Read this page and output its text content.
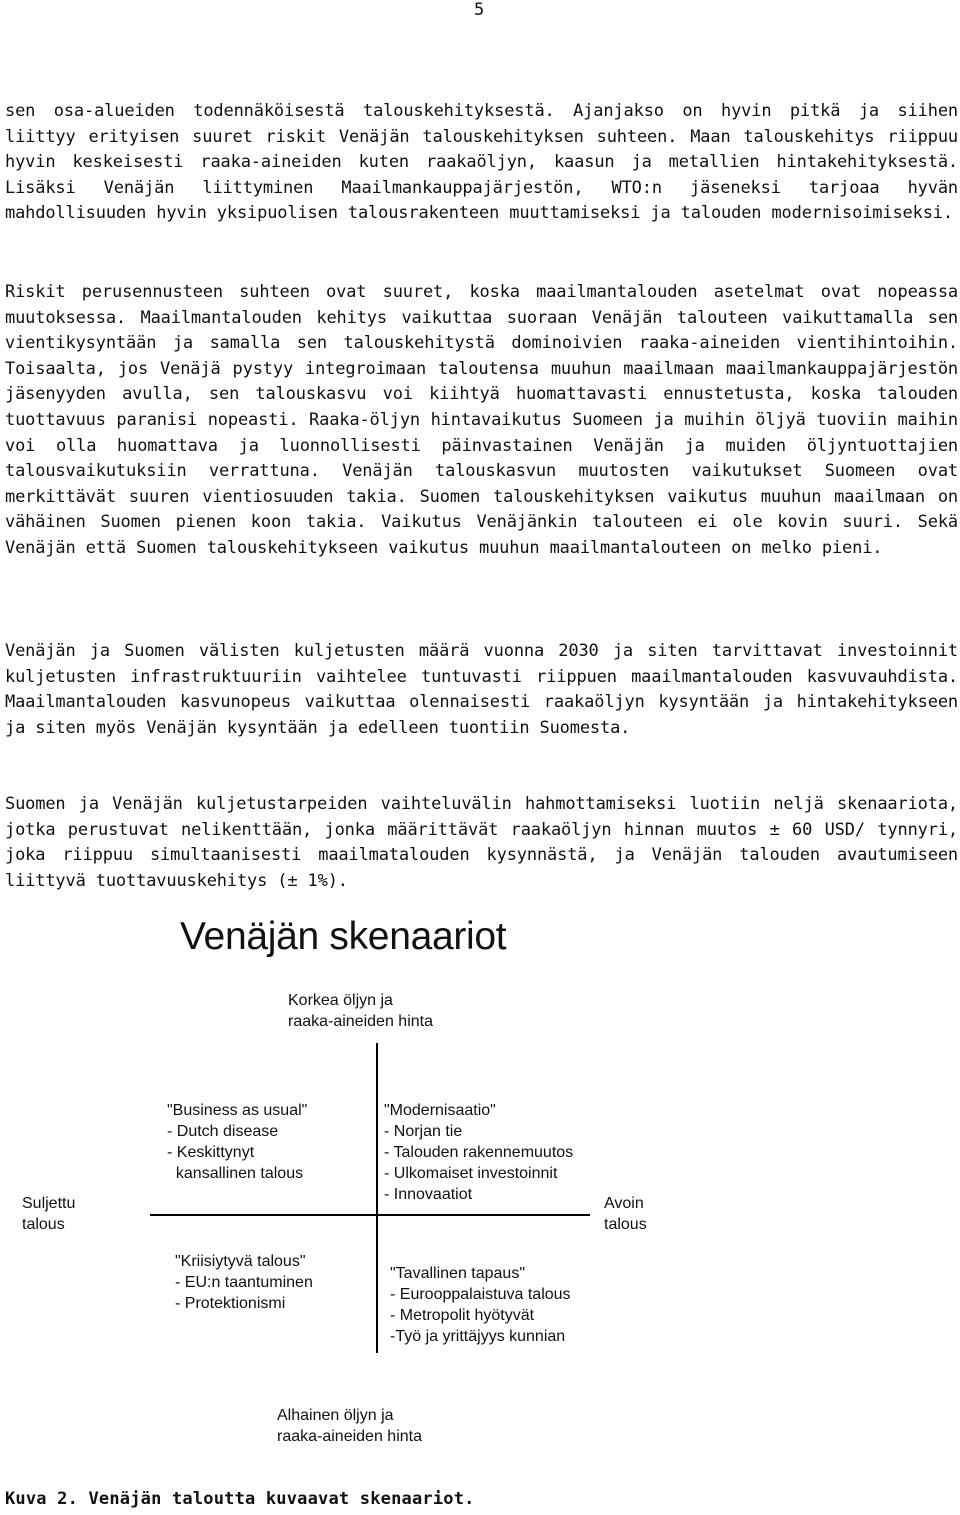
5

sen osa-alueiden todennäköisestä talouskehityksestä. Ajanjakso on hyvin pitkä ja siihen liittyy erityisen suuret riskit Venäjän talouskehityksen suhteen. Maan talouskehitys riippuu hyvin keskeisesti raaka-aineiden kuten raakaöljyn, kaasun ja metallien hintakehityksestä. Lisäksi Venäjän liittyminen Maailmankauppajärjestön, WTO:n jäseneksi tarjoaa hyvän mahdollisuuden hyvin yksipuolisen talousrakenteen muuttamiseksi ja talouden modernisoimiseksi.

Riskit perusennusteen suhteen ovat suuret, koska maailmantalouden asetelmat ovat nopeassa muutoksessa. Maailmantalouden kehitys vaikuttaa suoraan Venäjän talouteen vaikuttamalla sen vientikysyntään ja samalla sen talouskehitystä dominoivien raaka-aineiden vientihintoihin. Toisaalta, jos Venäjä pystyy integroimaan taloutensa muuhun maailmaan maailmankauppajärjestön jäsenyyden avulla, sen talouskasvu voi kiihtyä huomattavasti ennustetusta, koska talouden tuottavuus paranisi nopeasti. Raaka-öljyn hintavaikutus Suomeen ja muihin öljyä tuoviin maihin voi olla huomattava ja luonnollisesti päinvastainen Venäjän ja muiden öljyntuottajien talousvaikutuksiin verrattuna. Venäjän talouskasvun muutosten vaikutukset Suomeen ovat merkittävät suuren vientiosuuden takia. Suomen talouskehityksen vaikutus muuhun maailmaan on vähäinen Suomen pienen koon takia. Vaikutus Venäjänkin talouteen ei ole kovin suuri. Sekä Venäjän että Suomen talouskehitykseen vaikutus muuhun maailmantalouteen on melko pieni.

Venäjän ja Suomen välisten kuljetusten määrä vuonna 2030 ja siten tarvittavat investoinnit kuljetusten infrastruktuuriin vaihtelee tuntuvasti riippuen maailmantalouden kasvuvauhdista. Maailmantalouden kasvunopeus vaikuttaa olennaisesti raakaöljyn kysyntään ja hintakehitykseen ja siten myös Venäjän kysyntään ja edelleen tuontiin Suomesta.

Suomen ja Venäjän kuljetustarpeiden vaihteluvälin hahmottamiseksi luotiin neljä skenaariota, jotka perustuvat nelikenttään, jonka määrittävät raakaöljyn hinnan muutos ± 60 USD/ tynnyri, joka riippuu simultaanisesti maailmatalouden kysynnästä, ja Venäjän talouden avautumiseen liittyvä tuottavuuskehitys (± 1%).

Venäjän skenaariot
Korkea öljyn ja
raaka-aineiden hinta
Alhainen öljyn ja
raaka-aineiden hinta
Suljettu
talous
Avoin
talous
"Business as usual"
- Dutch disease
- Keskittynyt
kansallinen talous
"Modernisaatio"
- Norjan tie
- Talouden rakennemuutos
- Ulkomaiset investoinnit
- Innovaatiot
"Kriisiytyvä talous"
- EU:n taantuminen
- Protektionismi
"Tavallinen tapaus"
- Eurooppalaistuva talous
- Metropolit hyötyvät
-Työ ja yrittäjyys kunnian
Kuva 2. Venäjän taloutta kuvaavat skenaariot.
